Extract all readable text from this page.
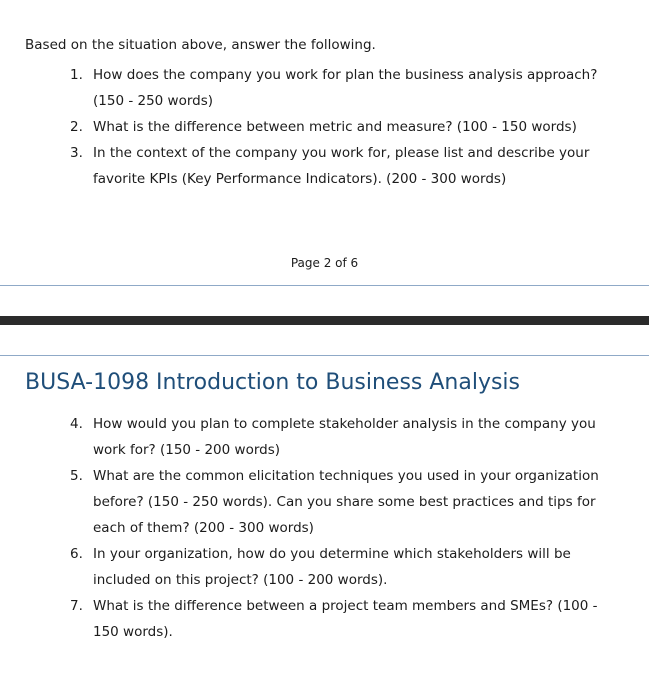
Based on the situation above, answer the following.

1. How does the company you work for plan the business analysis approach? (150 - 250 words)
2. What is the difference between metric and measure? (100 - 150 words)
3. In the context of the company you work for, please list and describe your favorite KPIs (Key Performance Indicators). (200 - 300 words)
Page 2 of 6
BUSA-1098 Introduction to Business Analysis
4. How would you plan to complete stakeholder analysis in the company you work for? (150 - 200 words)
5. What are the common elicitation techniques you used in your organization before? (150 - 250 words). Can you share some best practices and tips for each of them? (200 - 300 words)
6. In your organization, how do you determine which stakeholders will be included on this project? (100 - 200 words).
7. What is the difference between a project team members and SMEs? (100 - 150 words).
